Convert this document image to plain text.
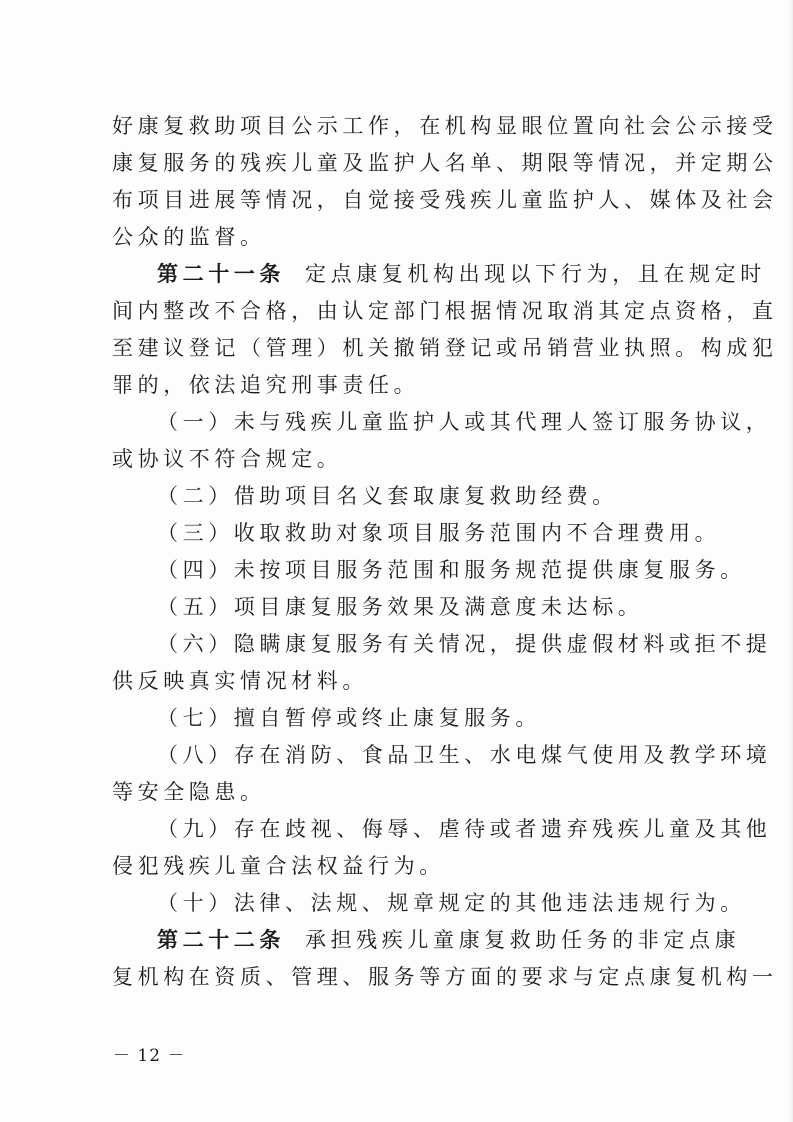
好康复救助项目公示工作，在机构显眼位置向社会公示接受
康复服务的残疾儿童及监护人名单、期限等情况，并定期公
布项目进展等情况，自觉接受残疾儿童监护人、媒体及社会
公众的监督。
第二十一条 定点康复机构出现以下行为，且在规定时
间内整改不合格，由认定部门根据情况取消其定点资格，直
至建议登记（管理）机关撤销登记或吊销营业执照。构成犯
罪的，依法追究刑事责任。
（一）未与残疾儿童监护人或其代理人签订服务协议，
或协议不符合规定。
（二）借助项目名义套取康复救助经费。
（三）收取救助对象项目服务范围内不合理费用。
（四）未按项目服务范围和服务规范提供康复服务。
（五）项目康复服务效果及满意度未达标。
（六）隐瞒康复服务有关情况，提供虚假材料或拒不提
供反映真实情况材料。
（七）擅自暂停或终止康复服务。
（八）存在消防、食品卫生、水电煤气使用及教学环境
等安全隐患。
（九）存在歧视、侮辱、虐待或者遗弃残疾儿童及其他
侵犯残疾儿童合法权益行为。
（十）法律、法规、规章规定的其他违法违规行为。
第二十二条 承担残疾儿童康复救助任务的非定点康
复机构在资质、管理、服务等方面的要求与定点康复机构一
－ 12 －
